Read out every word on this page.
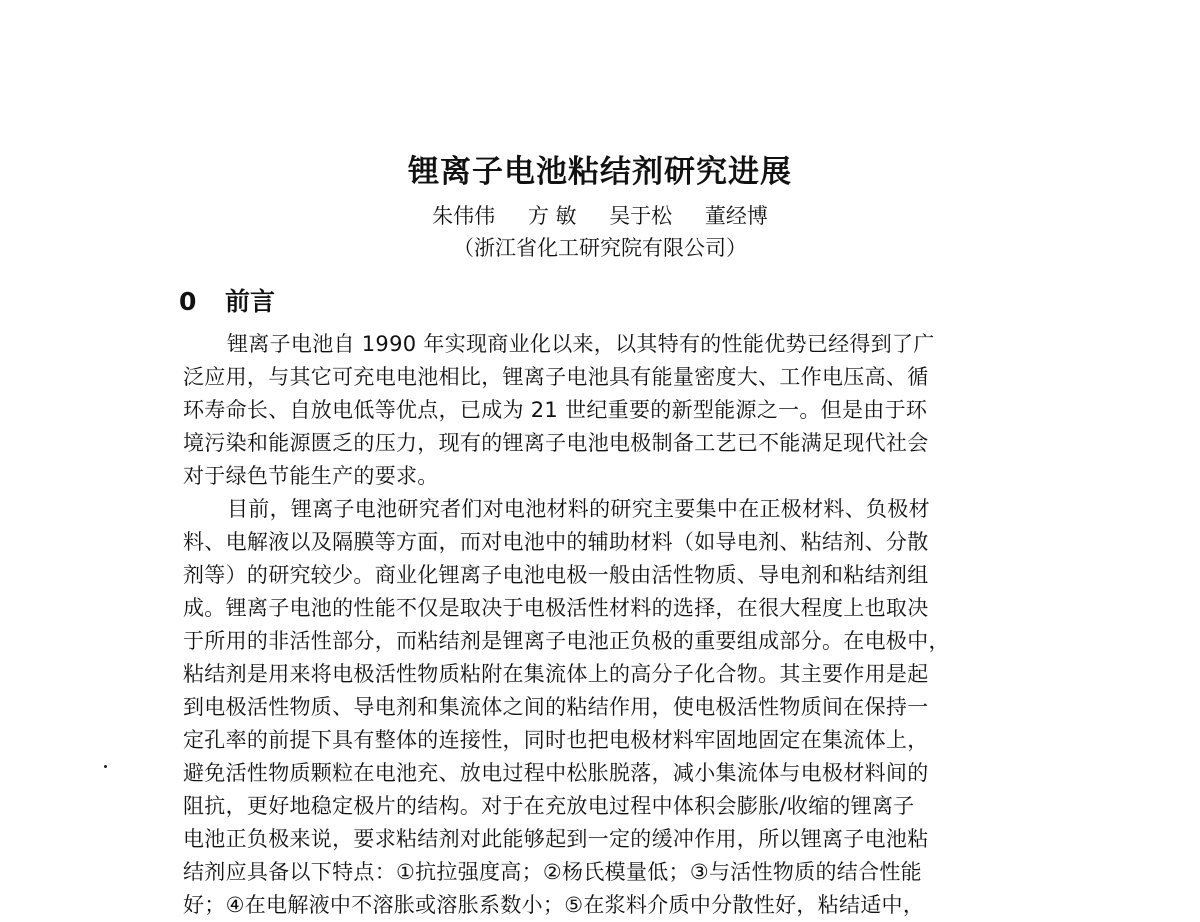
锂离子电池粘结剂研究进展
朱伟伟 方 敏 吴于松 董经博
（浙江省化工研究院有限公司）
0 前言
锂离子电池自 1990 年实现商业化以来，以其特有的性能优势已经得到了广
泛应用，与其它可充电电池相比，锂离子电池具有能量密度大、工作电压高、循
环寿命长、自放电低等优点，已成为 21 世纪重要的新型能源之一。但是由于环
境污染和能源匮乏的压力，现有的锂离子电池电极制备工艺已不能满足现代社会
对于绿色节能生产的要求。
目前，锂离子电池研究者们对电池材料的研究主要集中在正极材料、负极材
料、电解液以及隔膜等方面，而对电池中的辅助材料（如导电剂、粘结剂、分散
剂等）的研究较少。商业化锂离子电池电极一般由活性物质、导电剂和粘结剂组
成。锂离子电池的性能不仅是取决于电极活性材料的选择，在很大程度上也取决
于所用的非活性部分，而粘结剂是锂离子电池正负极的重要组成部分。在电极中，
粘结剂是用来将电极活性物质粘附在集流体上的高分子化合物。其主要作用是起
到电极活性物质、导电剂和集流体之间的粘结作用，使电极活性物质间在保持一
定孔率的前提下具有整体的连接性，同时也把电极材料牢固地固定在集流体上，
避免活性物质颗粒在电池充、放电过程中松胀脱落，减小集流体与电极材料间的
阻抗，更好地稳定极片的结构。对于在充放电过程中体积会膨胀/收缩的锂离子
电池正负极来说，要求粘结剂对此能够起到一定的缓冲作用，所以锂离子电池粘
结剂应具备以下特点：①抗拉强度高；②杨氏模量低；③与活性物质的结合性能
好；④在电解液中不溶胀或溶胀系数小；⑤在浆料介质中分散性好，粘结适中，
